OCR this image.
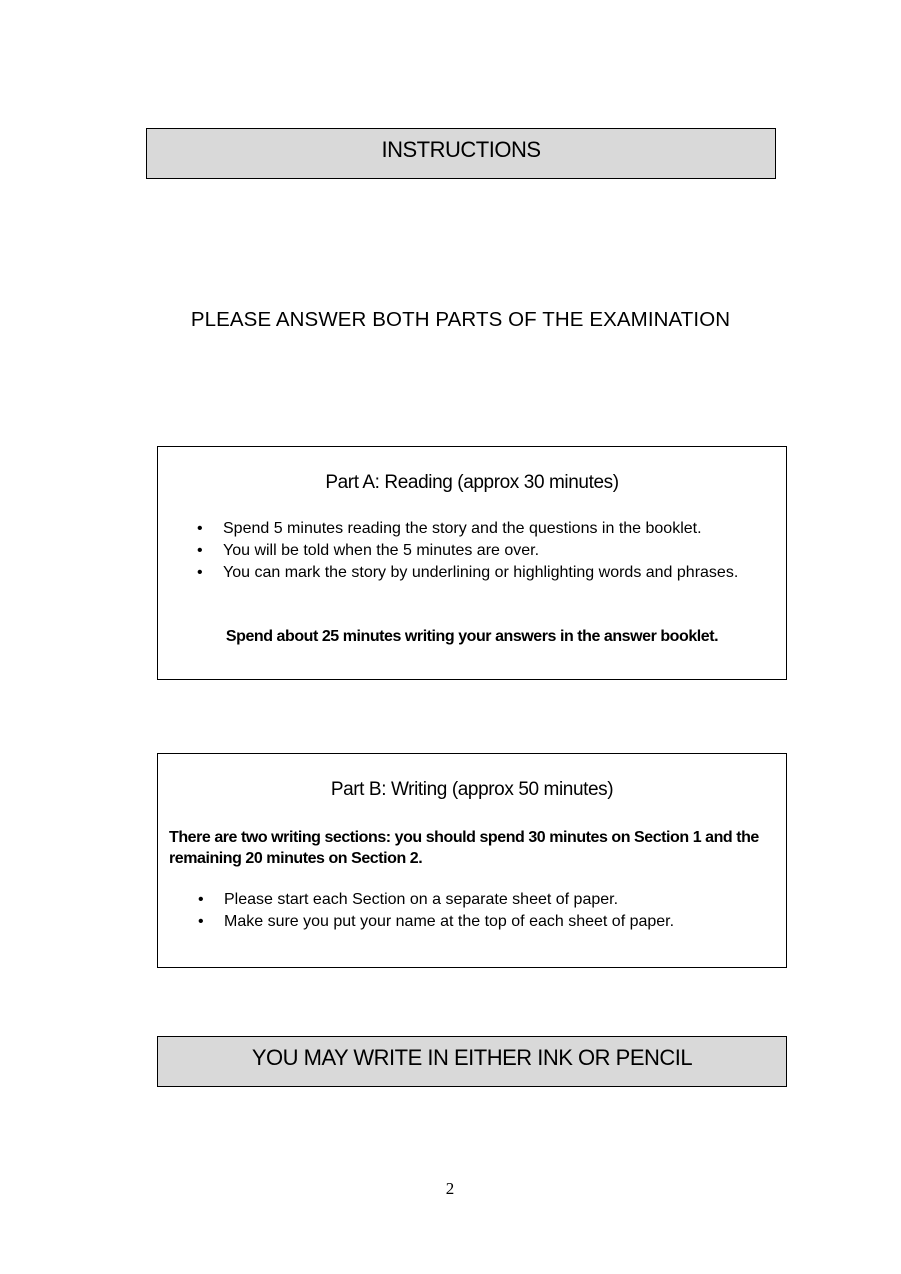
INSTRUCTIONS
PLEASE ANSWER BOTH PARTS OF THE EXAMINATION
Part A: Reading (approx 30 minutes)
•	Spend 5 minutes reading the story and the questions in the booklet.
•	You will be told when the 5 minutes are over.
•	You can mark the story by underlining or highlighting words and phrases.
Spend about 25 minutes writing your answers in the answer booklet.
Part B: Writing (approx 50 minutes)
There are two writing sections: you should spend 30 minutes on Section 1 and the remaining 20 minutes on Section 2.
•	Please start each Section on a separate sheet of paper.
•	Make sure you put your name at the top of each sheet of paper.
YOU MAY WRITE IN EITHER INK OR PENCIL
2
